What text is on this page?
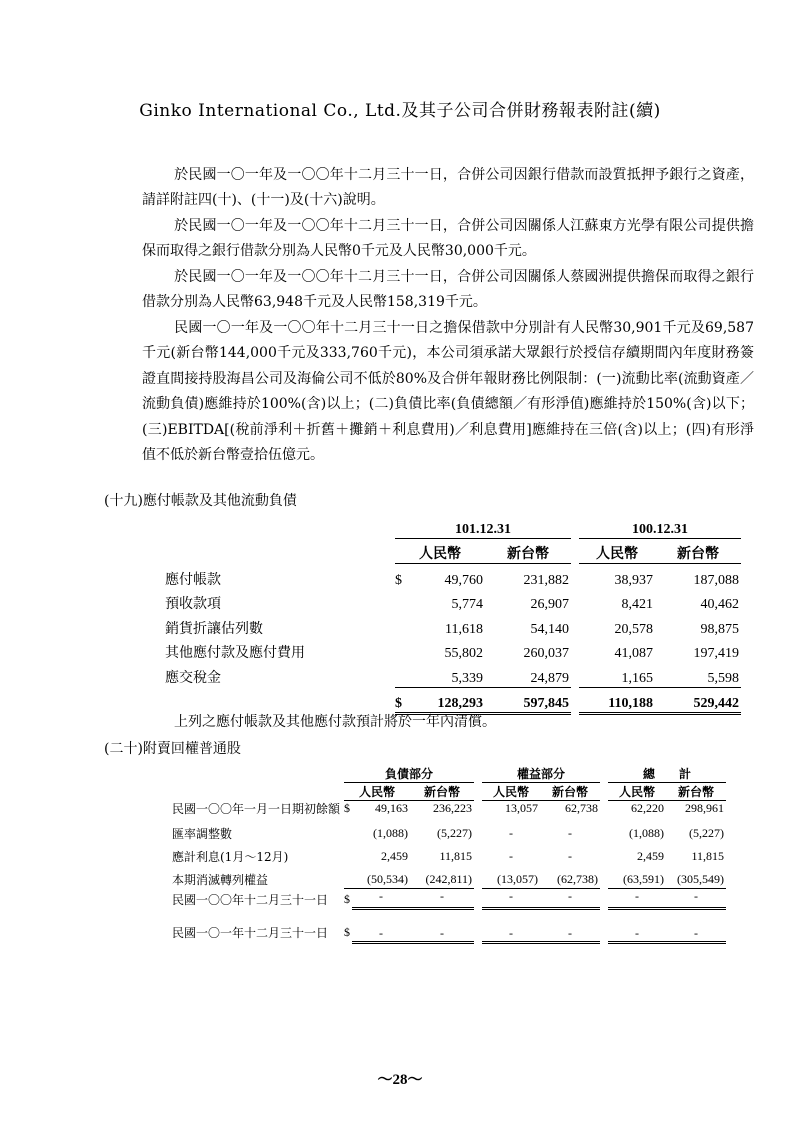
Ginko International Co., Ltd.及其子公司合併財務報表附註(續)

於民國一〇一年及一〇〇年十二月三十一日，合併公司因銀行借款而設質抵押予銀行之資產，請詳附註四(十)、(十一)及(十六)說明。

於民國一〇一年及一〇〇年十二月三十一日，合併公司因關係人江蘇東方光學有限公司提供擔保而取得之銀行借款分別為人民幣0千元及人民幣30,000千元。

於民國一〇一年及一〇〇年十二月三十一日，合併公司因關係人蔡國洲提供擔保而取得之銀行借款分別為人民幣63,948千元及人民幣158,319千元。

民國一〇一年及一〇〇年十二月三十一日之擔保借款中分別計有人民幣30,901千元及69,587千元(新台幣144,000千元及333,760千元)，本公司須承諾大眾銀行於授信存續期間內年度財務簽證直間接持股海昌公司及海倫公司不低於80%及合併年報財務比例限制：(一)流動比率(流動資產／流動負債)應維持於100%(含)以上；(二)負債比率(負債總額／有形淨值)應維持於150%(含)以下；(三)EBITDA[(稅前淨利＋折舊＋攤銷＋利息費用)／利息費用]應維持在三倍(含)以上；(四)有形淨值不低於新台幣壹拾伍億元。

(十九)應付帳款及其他流動負債
	101.12.31				100.12.31		
	人民幣		新台幣		人民幣		新台幣
應付帳款	$	49,760	231,882			38,937	187,088
預收款項		5,774	26,907			8,421	40,462
銷貨折讓估列數		11,618	54,140			20,578	98,875
其他應付款及應付費用		55,802	260,037			41,087	197,419
應交稅金		5,339	24,879			1,165	5,598
	$	128,293	597,845			110,188	529,442
上列之應付帳款及其他應付款預計將於一年內清償。
(二十)附賣回權普通股
	負債部分				權益部分			總　　計	
	人民幣		新台幣		人民幣	新台幣		人民幣	新台幣
民國一〇〇年一月一日期初餘額	$	49,163	236,223		13,057	62,738		62,220	298,961
匯率調整數		(1,088)	(5,227)		-	-		(1,088)	(5,227)
應計利息(1月～12月)		2,459	11,815		-	-		2,459	11,815
本期消滅轉列權益		(50,534)	(242,811)		(13,057)	(62,738)		(63,591)	(305,549)
民國一〇〇年十二月三十一日	$	-	-		-	-		-	-
民國一〇一年十二月三十一日	$	-	-		-	-		-	-
～28～
